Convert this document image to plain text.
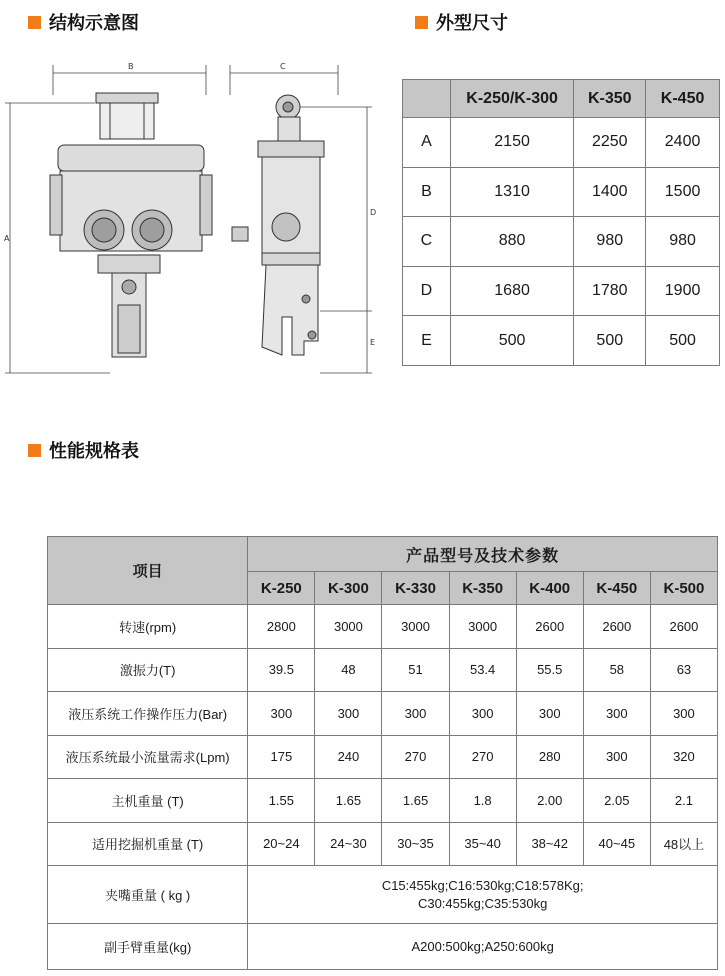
结构示意图	外型尺寸
性能规格表
B
A
C
D
E
	K-250/K-300	K-350	K-450
A	2150	2250	2400
B	1310	1400	1500
C	880	980	980
D	1680	1780	1900
E	500	500	500
项目	产品型号及技术参数						
	K-250	K-300	K-330	K-350	K-400	K-450	K-500
转速(rpm)	2800	3000	3000	3000	2600	2600	2600
激振力(T)	39.5	48	51	53.4	55.5	58	63
液压系统工作操作压力(Bar)	300	300	300	300	300	300	300
液压系统最小流量需求(Lpm)	175	240	270	270	280	300	320
主机重量 (T)	1.55	1.65	1.65	1.8	2.00	2.05	2.1
适用挖掘机重量 (T)	20~24	24~30	30~35	35~40	38~42	40~45	48以上
夹嘴重量 ( kg )	C15:455kg;C16:530kg;C18:578Kg;
C30:455kg;C35:530kg						

副手臂重量(kg)	A200:500kg;A250:600kg						
